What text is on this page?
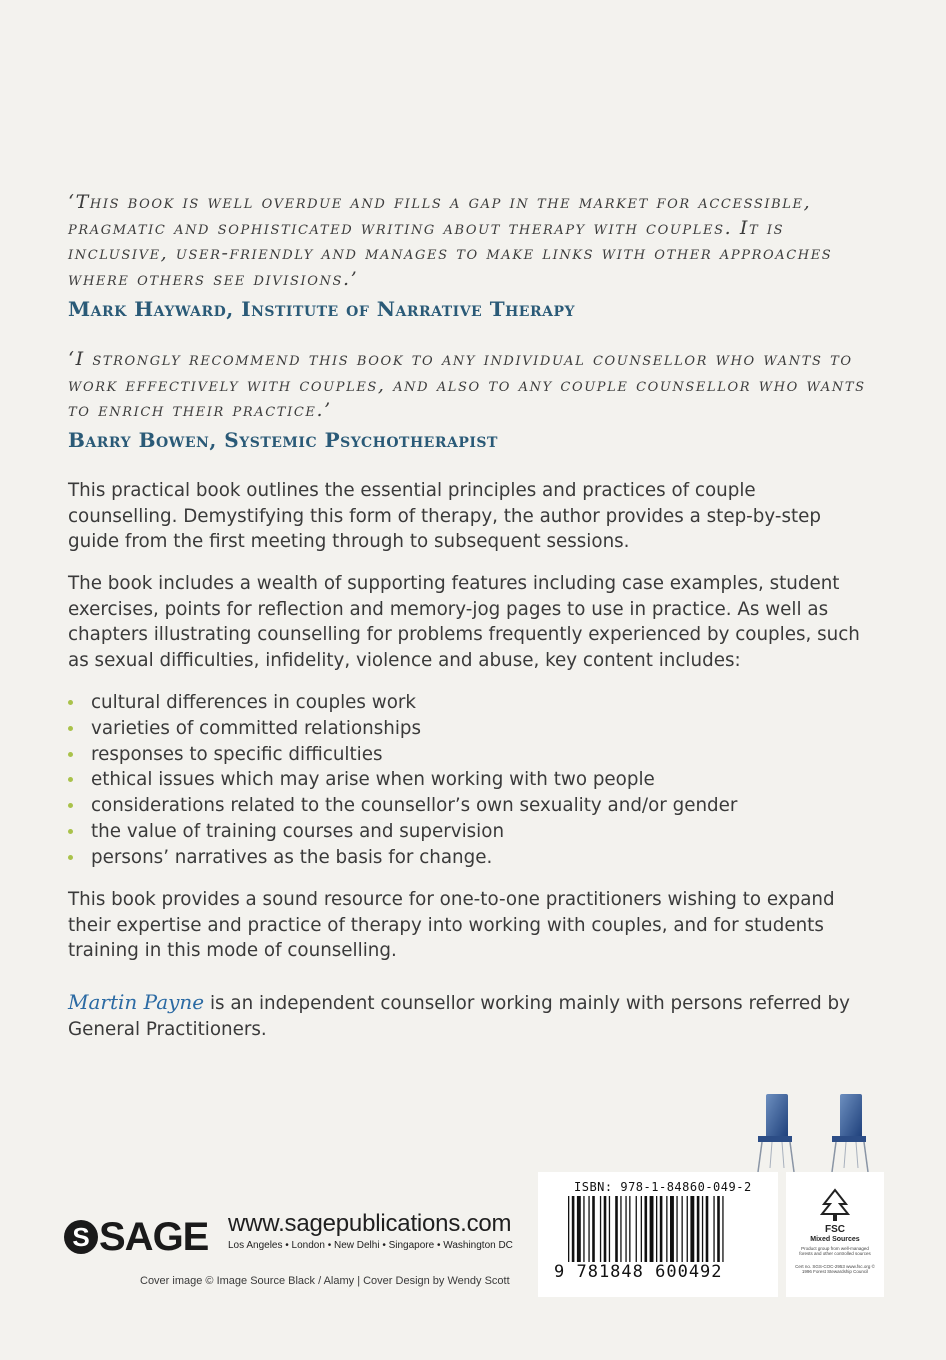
‘This book is well overdue and fills a gap in the market for accessible, pragmatic and sophisticated writing about therapy with couples. It is inclusive, user-friendly and manages to make links with other approaches where others see divisions.’
Mark Hayward, Institute of Narrative Therapy
‘I strongly recommend this book to any individual counsellor who wants to work effectively with couples, and also to any couple counsellor who wants to enrich their practice.’
Barry Bowen, Systemic Psychotherapist

This practical book outlines the essential principles and practices of couple counselling. Demystifying this form of therapy, the author provides a step-by-step guide from the first meeting through to subsequent sessions.

The book includes a wealth of supporting features including case examples, student exercises, points for reflection and memory-jog pages to use in practice. As well as chapters illustrating counselling for problems frequently experienced by couples, such as sexual difficulties, infidelity, violence and abuse, key content includes:

cultural differences in couples work
varieties of committed relationships
responses to specific difficulties
ethical issues which may arise when working with two people
considerations related to the counsellor’s own sexuality and/or gender
the value of training courses and supervision
persons’ narratives as the basis for change.

This book provides a sound resource for one-to-one practitioners wishing to expand their expertise and practice of therapy into working with couples, and for students training in this mode of counselling.

Martin Payne is an independent counsellor working mainly with persons referred by General Practitioners.

S SAGE www.sagepublications.com
Los Angeles • London • New Delhi • Singapore • Washington DC
Cover image © Image Source Black / Alamy | Cover Design by Wendy Scott
ISBN: 978-1-84860-049-2
9 781848 600492
FSC
Mixed Sources
Product group from well-managed forests and other controlled sources
Cert no. SGS-COC-2953 www.fsc.org © 1996 Forest Stewardship Council
